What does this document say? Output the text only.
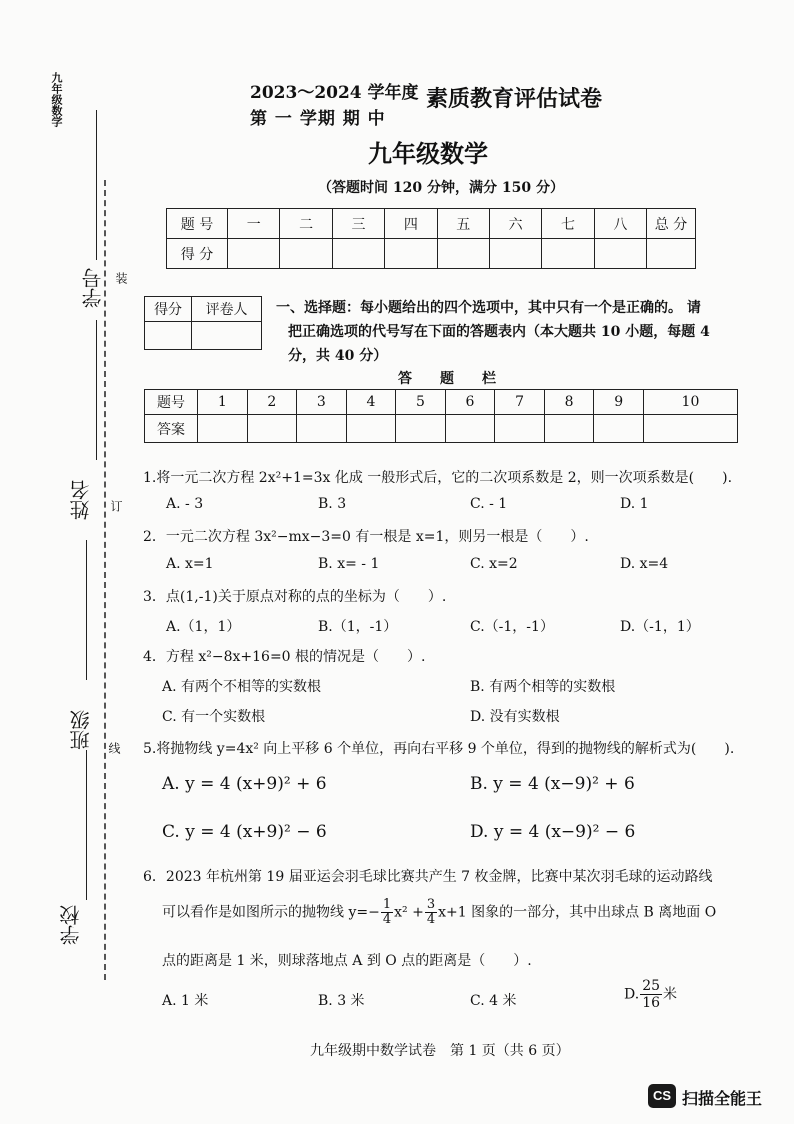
九年级数学
学号
姓名
班级
学校
装
订
线
2023～2024 学年度
第 一 学期 期 中
素质教育评估试卷
九年级数学
（答题时间 120 分钟，满分 150 分）
题 号	一	二	三	四	五	六	七	八	总 分
得 分									
得分	评卷人
	一、选择题：每小题给出的四个选项中，其中只有一个是正确的。 请
把正确选项的代号写在下面的答题表内（本大题共 10 小题，每题 4
分，共 40 分）
答　　题　　栏
题号	1	2	3	4	5	6	7	8	9	10
答案										
1.将一元二次方程 2x²+1=3x 化成 一般形式后，它的二次项系数是 2，则一次项系数是(　　).
A. - 3	B. 3	C. - 1	D. 1
2．一元二次方程 3x²−mx−3=0 有一根是 x=1，则另一根是（　　）.
A. x=1	B. x= - 1	C. x=2	D. x=4
3．点(1,-1)关于原点对称的点的坐标为（　　）.
A.（1，1）	B.（1，-1）	C.（-1，-1）	D.（-1，1）
4．方程 x²−8x+16=0 根的情况是（　　）.
A. 有两个不相等的实数根	B. 有两个相等的实数根
C. 有一个实数根	D. 没有实数根
5.将抛物线 y=4x² 向上平移 6 个单位，再向右平移 9 个单位，得到的抛物线的解析式为(　　).
A. y = 4 (x+9)² + 6	B. y = 4 (x−9)² + 6
C. y = 4 (x+9)² − 6	D. y = 4 (x−9)² − 6
6．2023 年杭州第 19 届亚运会羽毛球比赛共产生 7 枚金牌，比赛中某次羽毛球的运动路线
可以看作是如图所示的抛物线 $y=- \frac{1}{4} x^2 + \frac{3}{4} x+1$ 图象的一部分，其中出球点 B 离地面 O
点的距离是 1 米，则球落地点 A 到 O 点的距离是（　　）.
A. 1 米	B. 3 米	C. 4 米	D. $\frac{25}{16}$ 米
九年级期中数学试卷　第 1 页（共 6 页）
CS 扫描全能王
